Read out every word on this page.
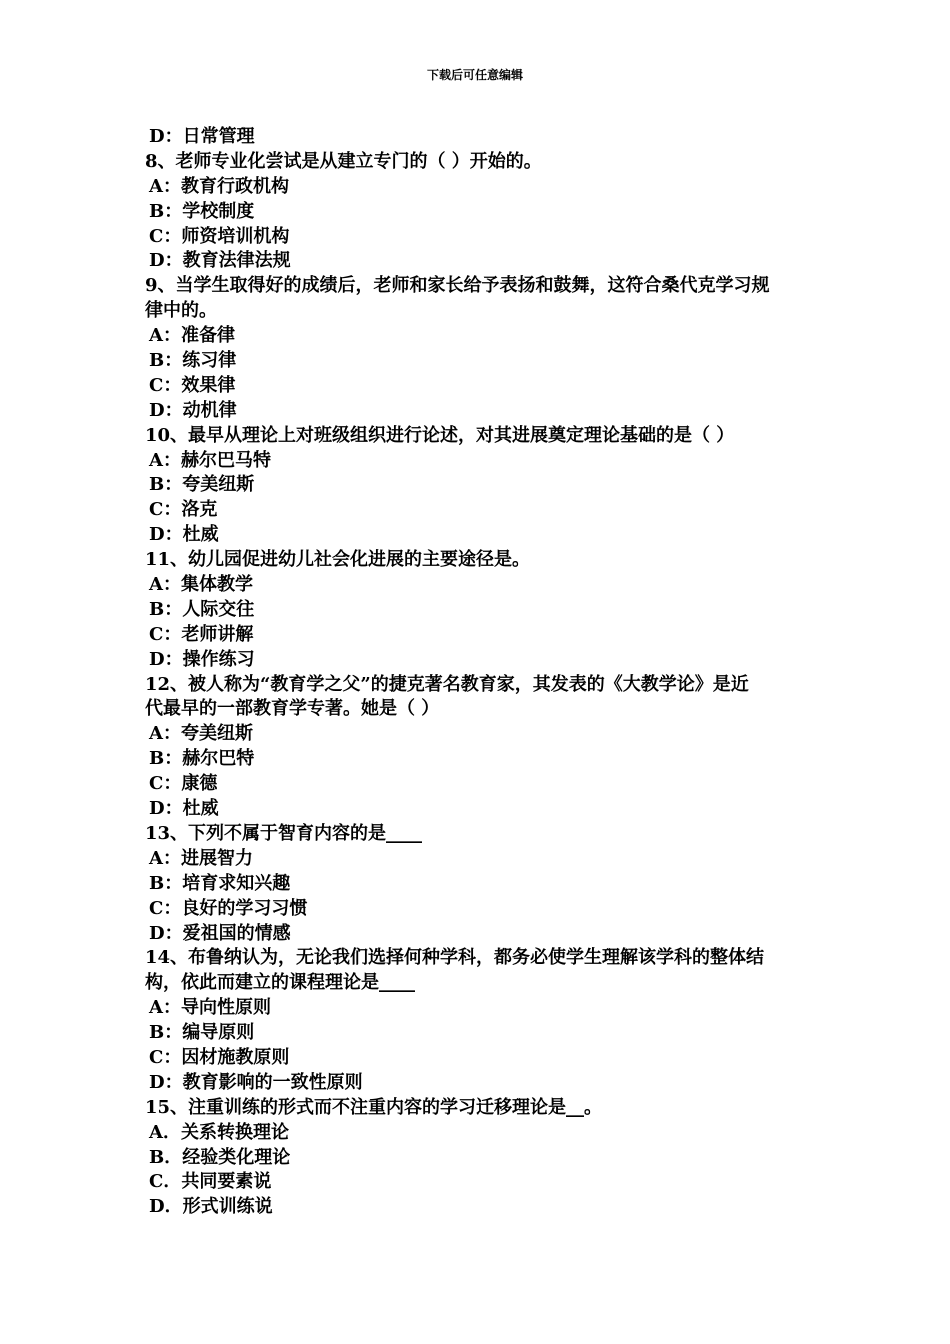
下载后可任意编辑
D：日常管理
8、老师专业化尝试是从建立专门的（ ）开始的。
A：教育行政机构
B：学校制度
C：师资培训机构
D：教育法律法规
9、当学生取得好的成绩后，老师和家长给予表扬和鼓舞，这符合桑代克学习规
律中的。
A：准备律
B：练习律
C：效果律
D：动机律
10、最早从理论上对班级组织进行论述，对其进展奠定理论基础的是（ ）
A：赫尔巴马特
B：夸美纽斯
C：洛克
D：杜威
11、幼儿园促进幼儿社会化进展的主要途径是。
A：集体教学
B：人际交往
C：老师讲解
D：操作练习
12、被人称为“教育学之父”的捷克著名教育家，其发表的《大教学论》是近
代最早的一部教育学专著。她是（ ）
A：夸美纽斯
B：赫尔巴特
C：康德
D：杜威
13、下列不属于智育内容的是____
A：进展智力
B：培育求知兴趣
C：良好的学习习惯
D：爱祖国的情感
14、布鲁纳认为，无论我们选择何种学科，都务必使学生理解该学科的整体结
构，依此而建立的课程理论是____
A：导向性原则
B：编导原则
C：因材施教原则
D：教育影响的一致性原则
15、注重训练的形式而不注重内容的学习迁移理论是__。
A．关系转换理论
B．经验类化理论
C．共同要素说
D．形式训练说
